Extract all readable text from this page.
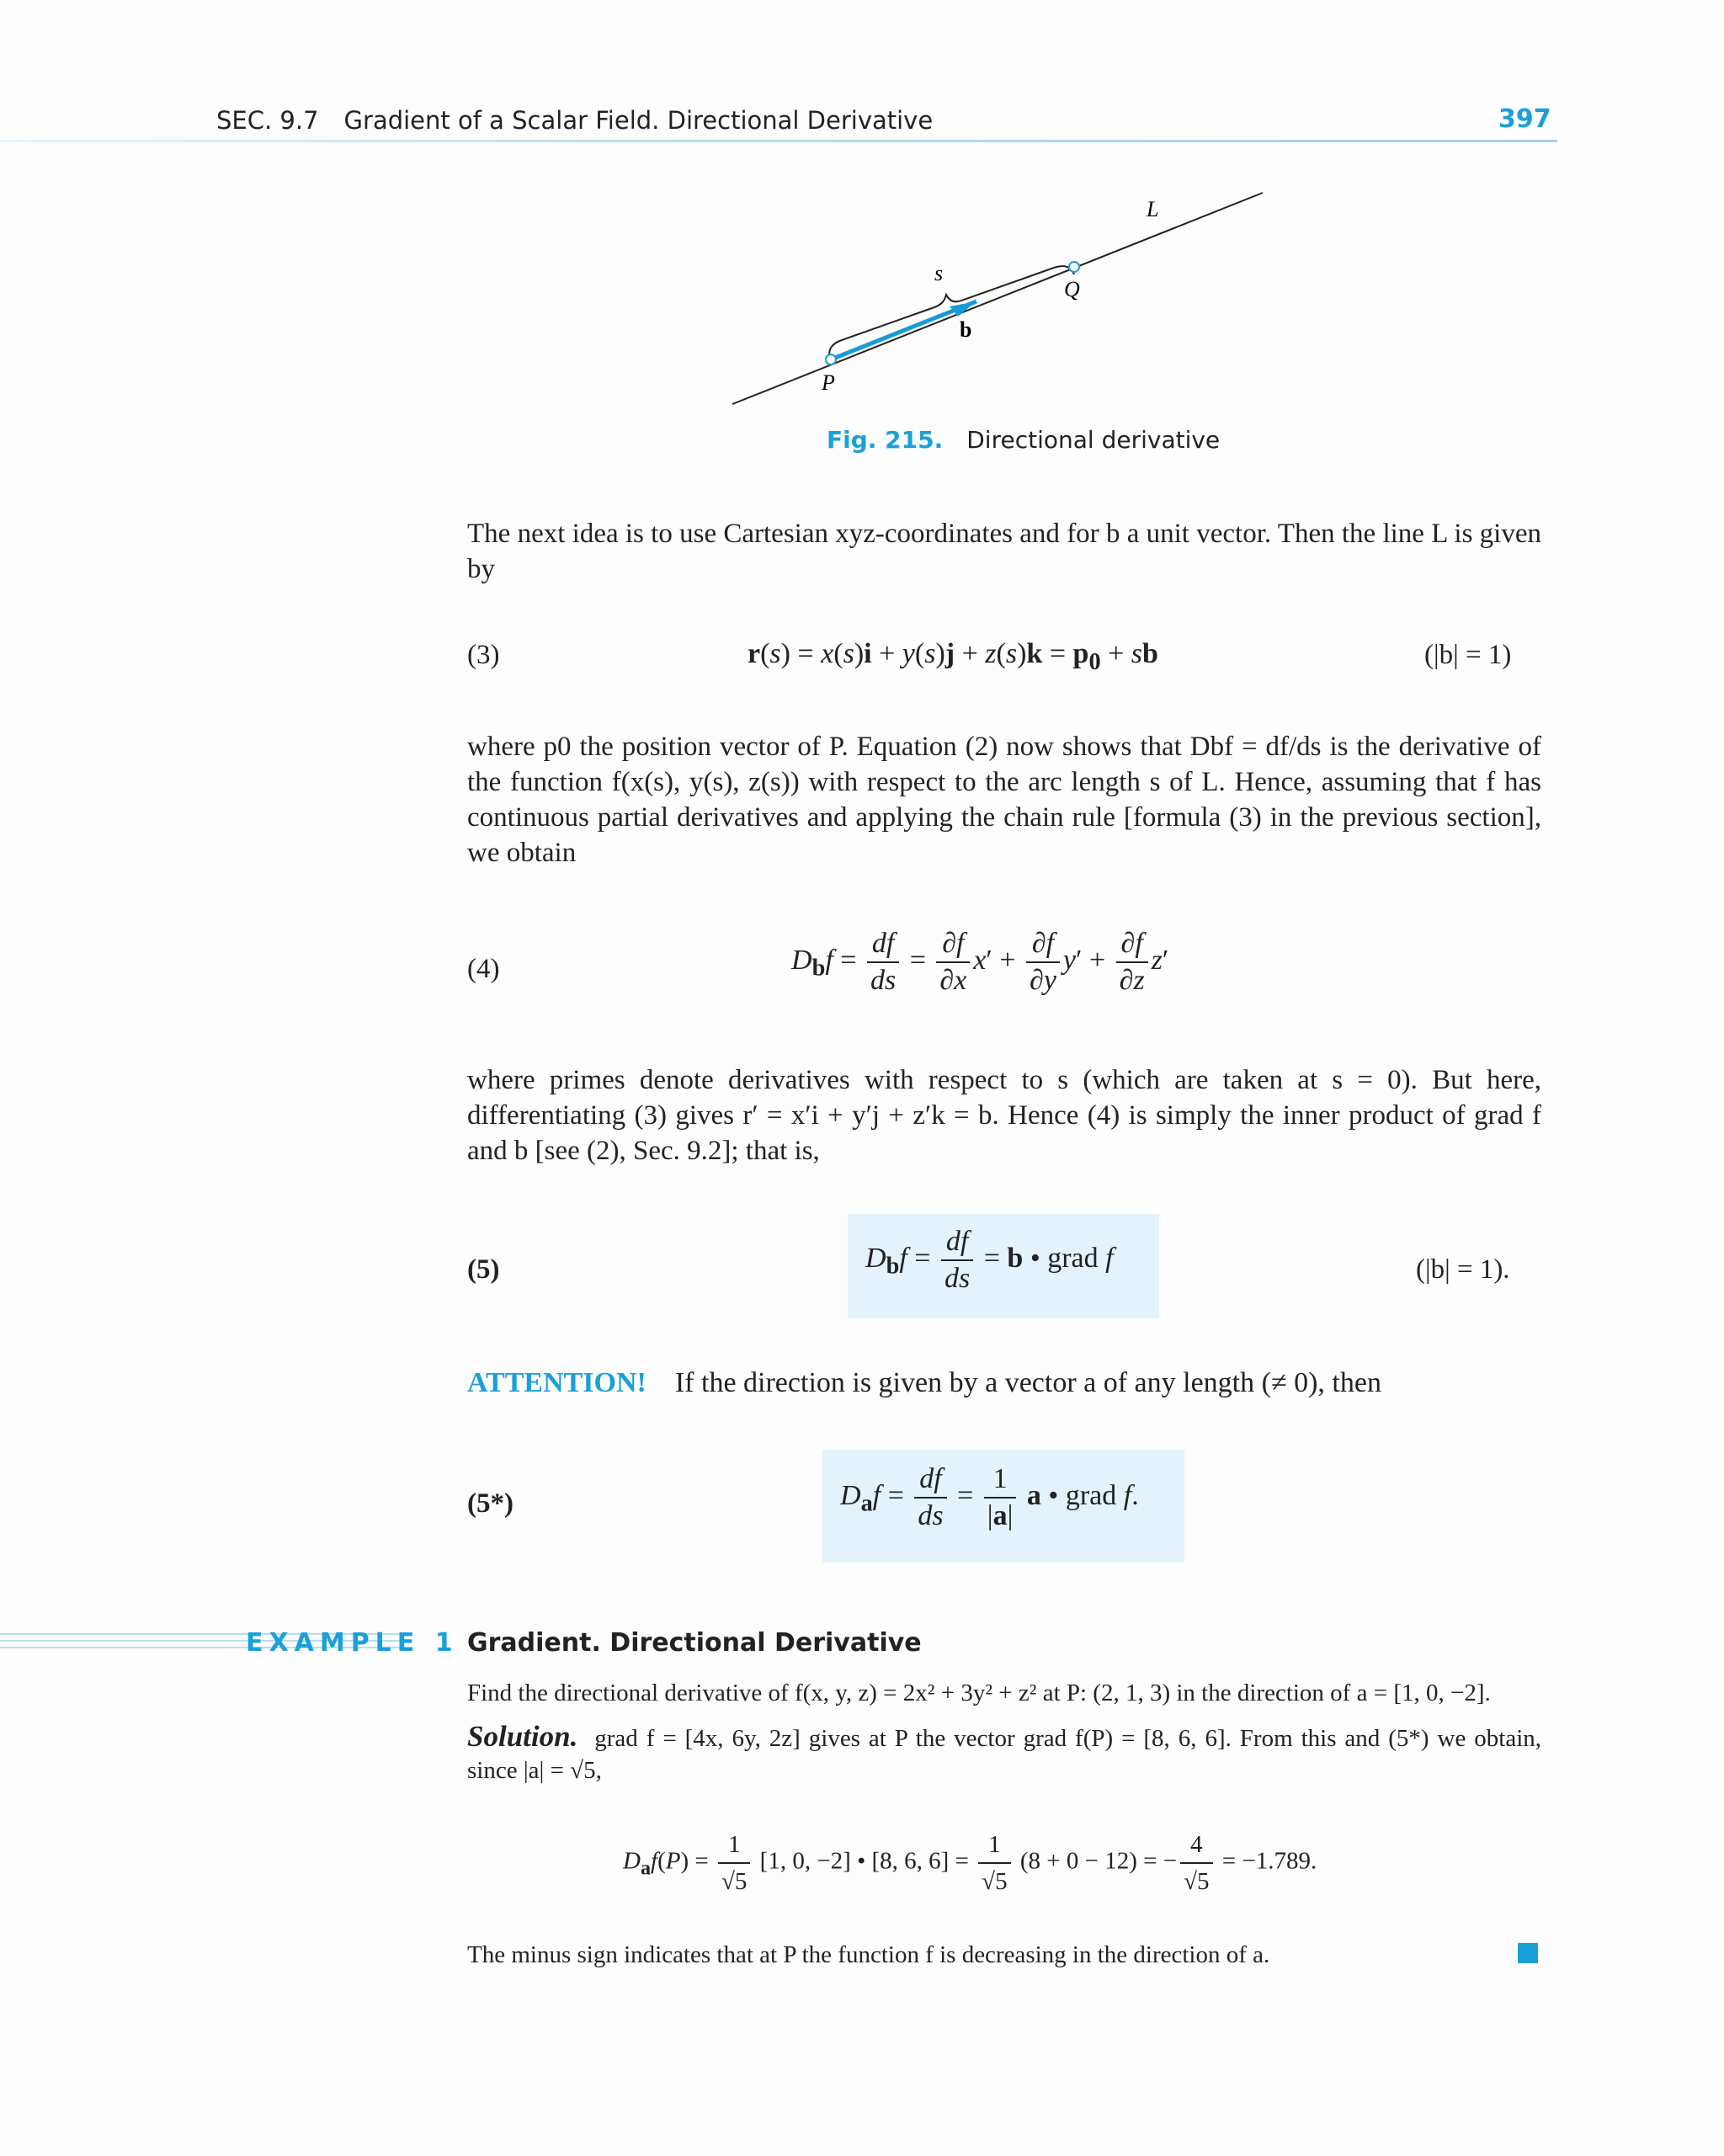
SEC. 9.7 Gradient of a Scalar Field. Directional Derivative	397
L
s
Q
b
P
Fig. 215. Directional derivative

The next idea is to use Cartesian xyz-coordinates and for b a unit vector. Then the line L is given by

(3)	$r(s) = x(s)i + y(s)j + z(s)k = p_0$ + sb	(|b| = 1)

where p0 the position vector of P. Equation (2) now shows that Dbf = df/ds is the derivative of the function f(x(s), y(s), z(s)) with respect to the arc length s of L. Hence, assuming that f has continuous partial derivatives and applying the chain rule [formula (3) in the previous section], we obtain

(4)	$D_bf = \frac{df}{ds} = \frac{\partial f}{\partial x} x' + \frac{\partial f}{\partial y} y' + \frac{\partial f}{\partial z} z'$

where primes denote derivatives with respect to s (which are taken at s = 0). But here, differentiating (3) gives r′ = x′i + y′j + z′k = b. Hence (4) is simply the inner product of grad f and b [see (2), Sec. 9.2]; that is,

(5)	$D_bf = \frac{df}{ds} = b$ • grad f	(|b| = 1).
ATTENTION! If the direction is given by a vector a of any length (≠ 0), then
(5*)	$D_af = \frac{df}{ds} = \frac{1}{|a|}$ a • grad f.
EXAMPLE 1 Gradient. Directional Derivative

Find the directional derivative of f(x, y, z) = 2x² + 3y² + z² at P: (2, 1, 3) in the direction of a = [1, 0, −2].

Solution. grad f = [4x, 6y, 2z] gives at P the vector grad f(P) = [8, 6, 6]. From this and (5*) we obtain, since |a| = √5,

$D_af(P) = \frac{1}{√5} [1$, 0, −2] • [8, 6, $6] = \frac{1}{√5} (8 + 0 - 12)$ = − $\frac{4}{√5} = -1.789$.
The minus sign indicates that at P the function f is decreasing in the direction of a.
